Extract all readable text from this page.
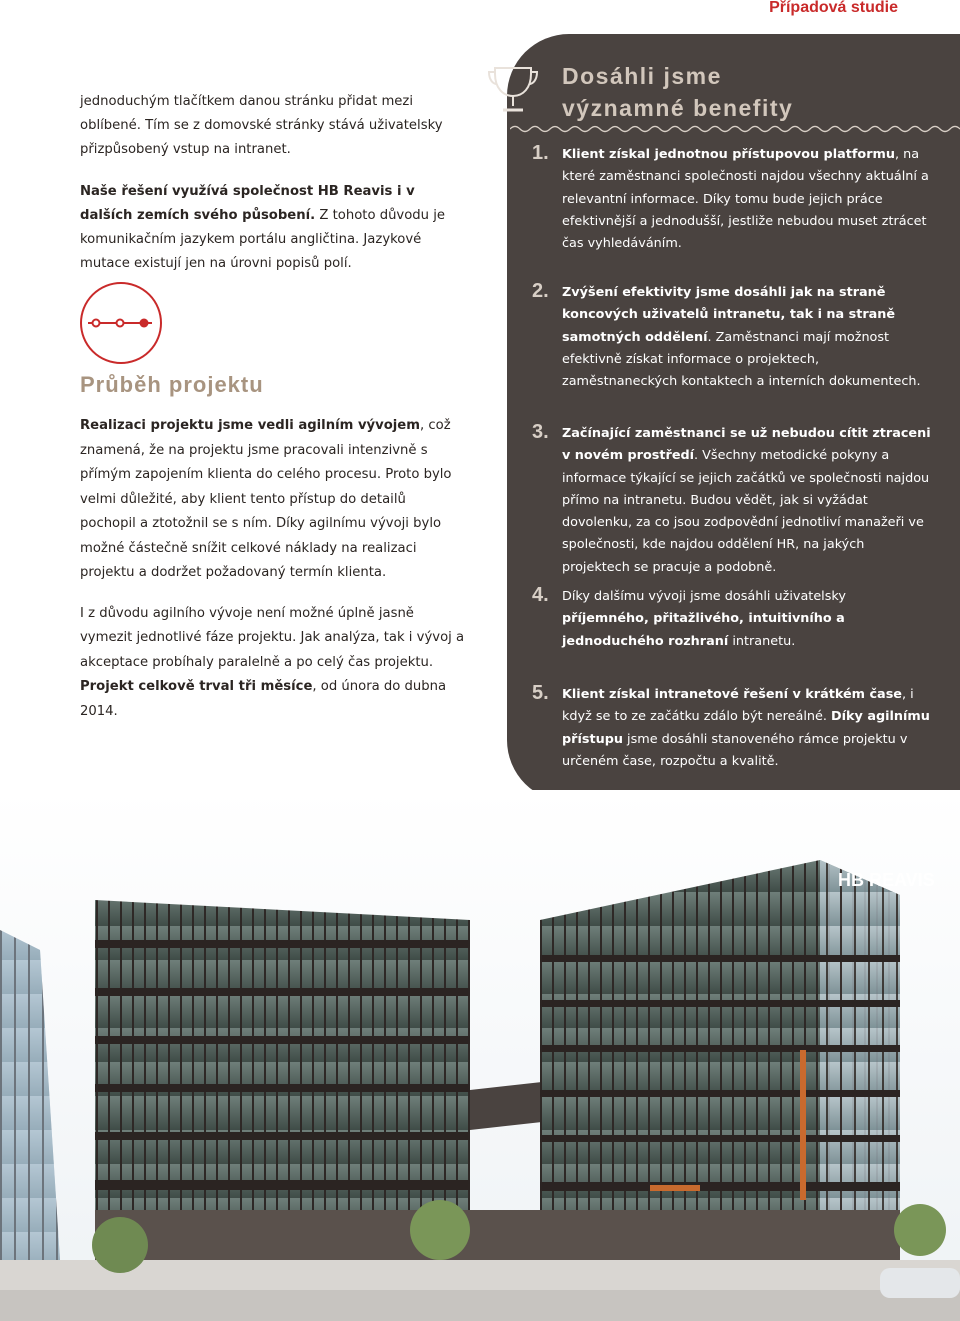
Případová studie

jednoduchým tlačítkem danou stránku přidat mezi oblíbené. Tím se z domovské stránky stává uživatelsky přizpůsobený vstup na intranet.

Naše řešení využívá společnost HB Reavis i v dalších zemích svého působení. Z tohoto důvodu je komunikačním jazykem portálu angličtina. Jazykové mutace existují jen na úrovni popisů polí.

Průběh projektu

Realizaci projektu jsme vedli agilním vývojem, což znamená, že na projektu jsme pracovali intenzivně s přímým zapojením klienta do celého procesu. Proto bylo velmi důležité, aby klient tento přístup do detailů pochopil a ztotožnil se s ním. Díky agilnímu vývoji bylo možné částečně snížit celkové náklady na realizaci projektu a dodržet požadovaný termín klienta.

I z důvodu agilního vývoje není možné úplně jasně vymezit jednotlivé fáze projektu. Jak analýza, tak i vývoj a akceptace probíhaly paralelně a po celý čas projektu. Projekt celkově trval tři měsíce, od února do dubna 2014.

Dosáhli jsme
významné benefity
1. Klient získal jednotnou přístupovou platformu, na které zaměstnanci společnosti najdou všechny aktuální a relevantní informace. Díky tomu bude jejich práce efektivnější a jednodušší, jestliže nebudou muset ztrácet čas vyhledáváním.
2. Zvýšení efektivity jsme dosáhli jak na straně koncových uživatelů intranetu, tak i na straně samotných oddělení. Zaměstnanci mají možnost efektivně získat informace o projektech, zaměstnaneckých kontaktech a interních dokumentech.
3. Začínající zaměstnanci se už nebudou cítit ztraceni v novém prostředí. Všechny metodické pokyny a informace týkající se jejich začátků ve společnosti najdou přímo na intranetu. Budou vědět, jak si vyžádat dovolenku, za co jsou zodpovědní jednotliví manažeři ve společnosti, kde najdou oddělení HR, na jakých projektech se pracuje a podobně.
4. Díky dalšímu vývoji jsme dosáhli uživatelsky příjemného, přitažlivého, intuitivního a jednoduchého rozhraní intranetu.
5. Klient získal intranetové řešení v krátkém čase, i když se to ze začátku zdálo být nereálné. Díky agilnímu přístupu jsme dosáhli stanoveného rámce projektu v určeném čase, rozpočtu a kvalitě.
HB REAVIS
